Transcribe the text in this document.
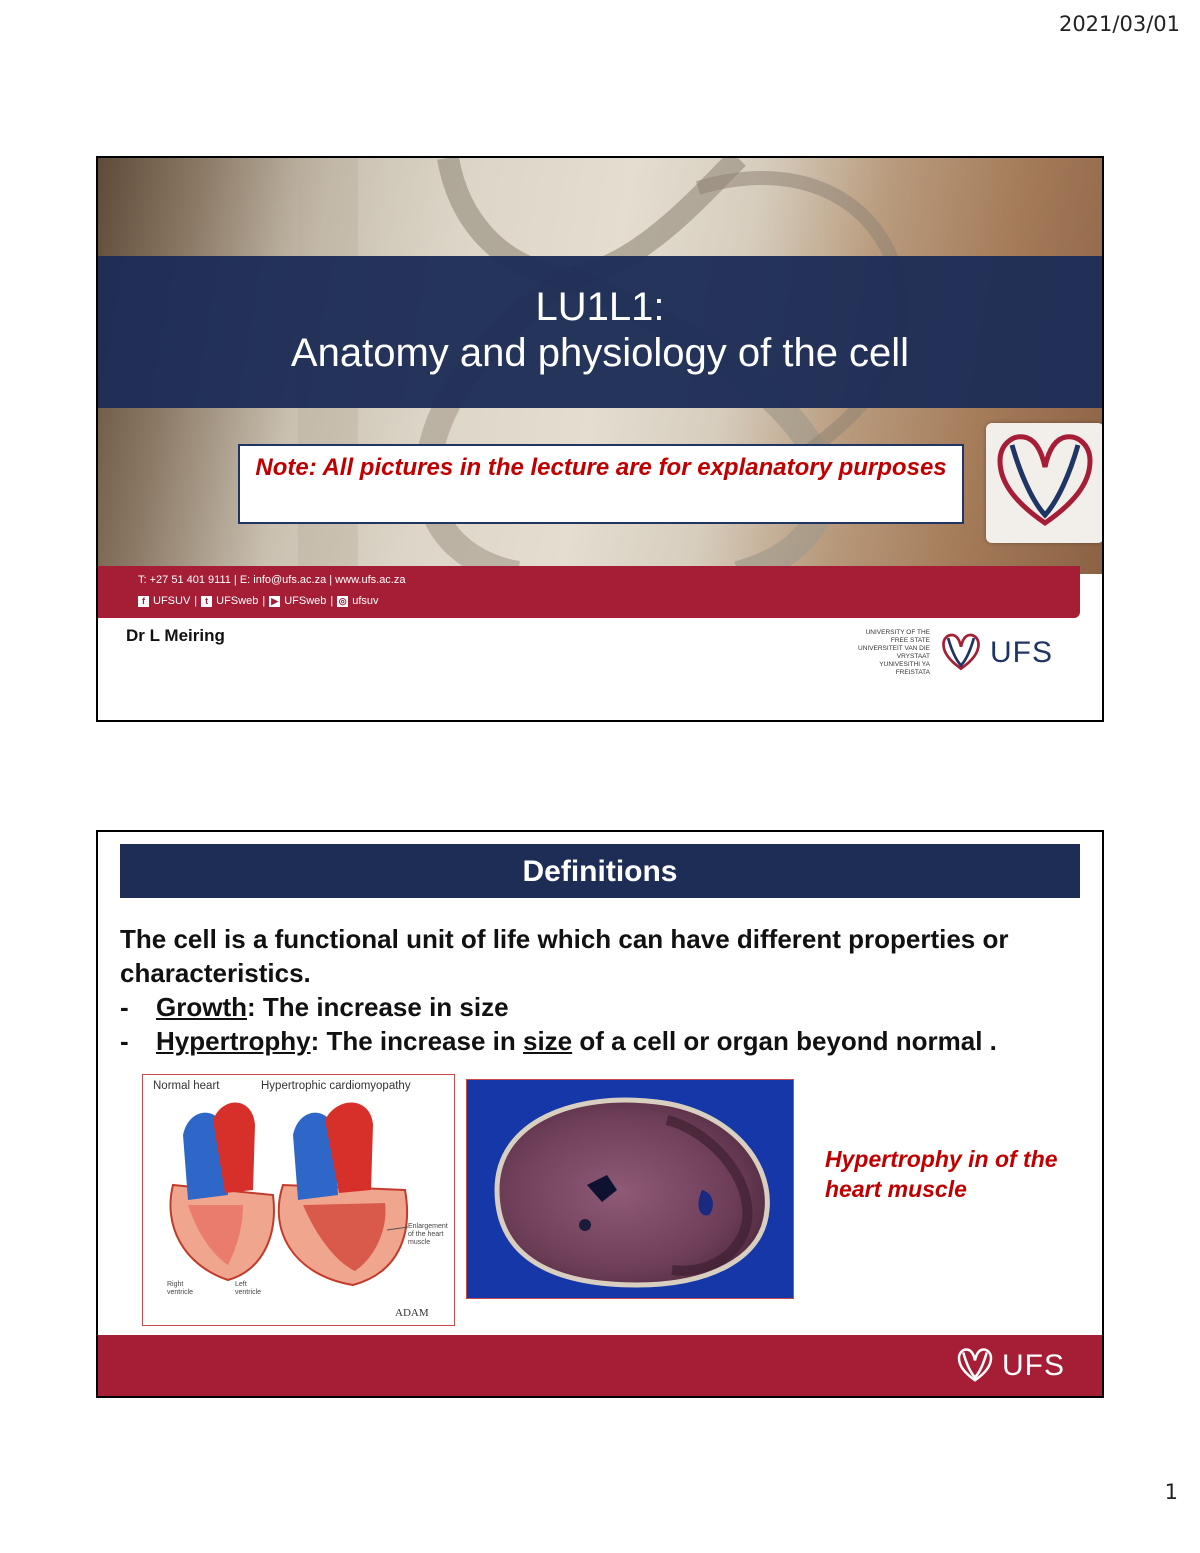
2021/03/01
LU1L1:
Anatomy and physiology of the cell
Note: All pictures in the lecture are for explanatory purposes
T: +27 51 401 9111 | E: info@ufs.ac.za | www.ufs.ac.za
f UFSUV | t UFSweb | ▶ UFSweb | ◎ ufsuv
Dr L Meiring	UNIVERSITY OF THE
FREE STATE
UNIVERSITEIT VAN DIE
VRYSTAAT
YUNIVESITHI YA
FREISTATA
UFS
Definitions

The cell is a functional unit of life which can have different properties or characteristics.

- Growth: The increase in size

- Hypertrophy: The increase in size of a cell or organ beyond normal .

Normal heart	Hypertrophic cardiomyopathy
Enlargement
of the heart
muscle
Right
ventricle
Left
ventricle
ADAM
Hypertrophy in of the heart muscle
UFS
1
